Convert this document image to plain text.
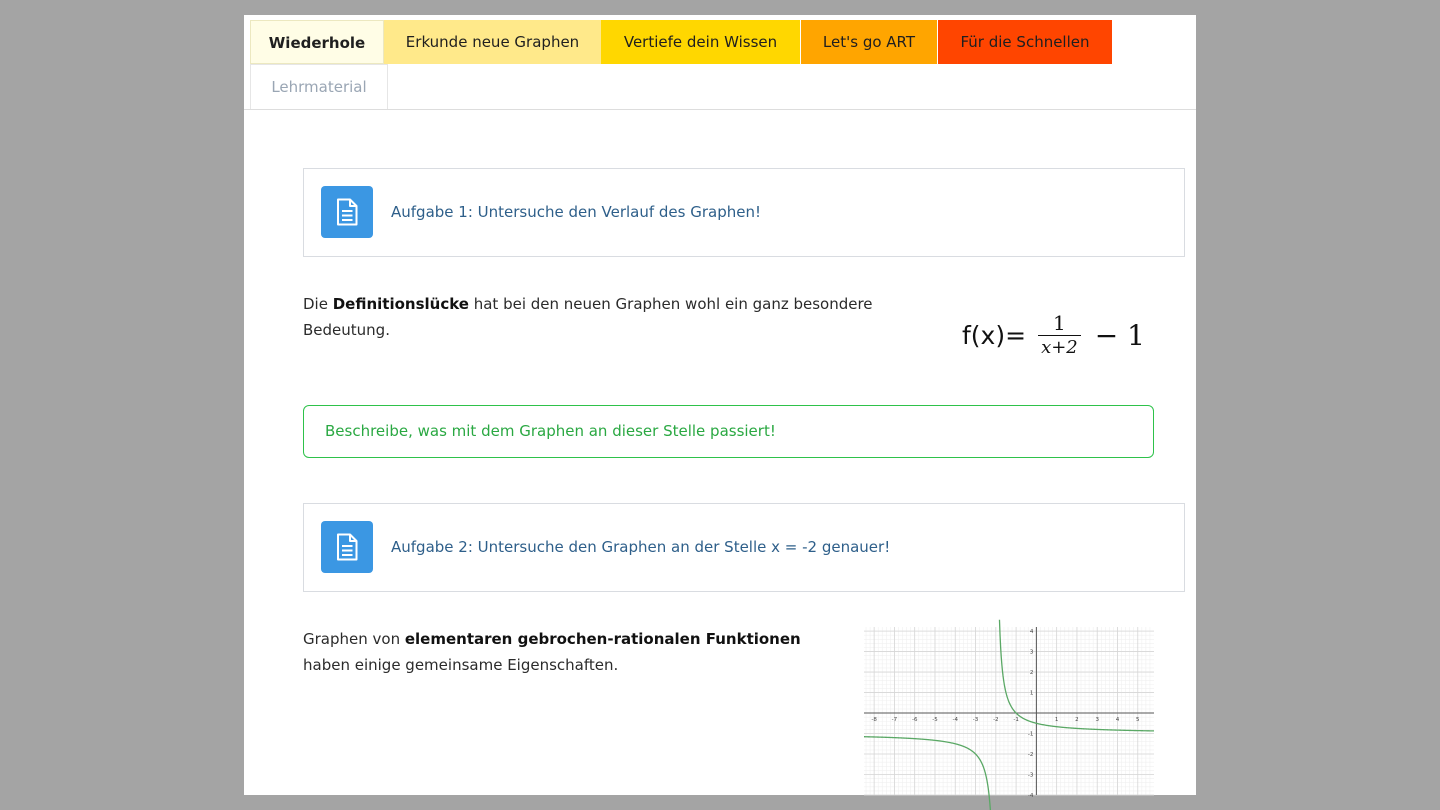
Wiederhole	Erkunde neue Graphen	Vertiefe dein Wissen	Let's go ART	Für die Schnellen
Lehrmaterial
Aufgabe 1: Untersuche den Verlauf des Graphen!
Die Definitionslücke hat bei den neuen Graphen wohl ein ganz besondere Bedeutung.	$f(x)= \frac{1}{x+2} - 1$
Beschreibe, was mit dem Graphen an dieser Stelle passiert!
Aufgabe 2: Untersuche den Graphen an der Stelle x = -2 genauer!
Graphen von elementaren gebrochen-rationalen Funktionen haben einige gemeinsame Eigenschaften.
-8	-7	-6	-5	-4	-3	-2	-1	1	2	3	4	5
4
3
2
1
-1
-2
-3
-4
